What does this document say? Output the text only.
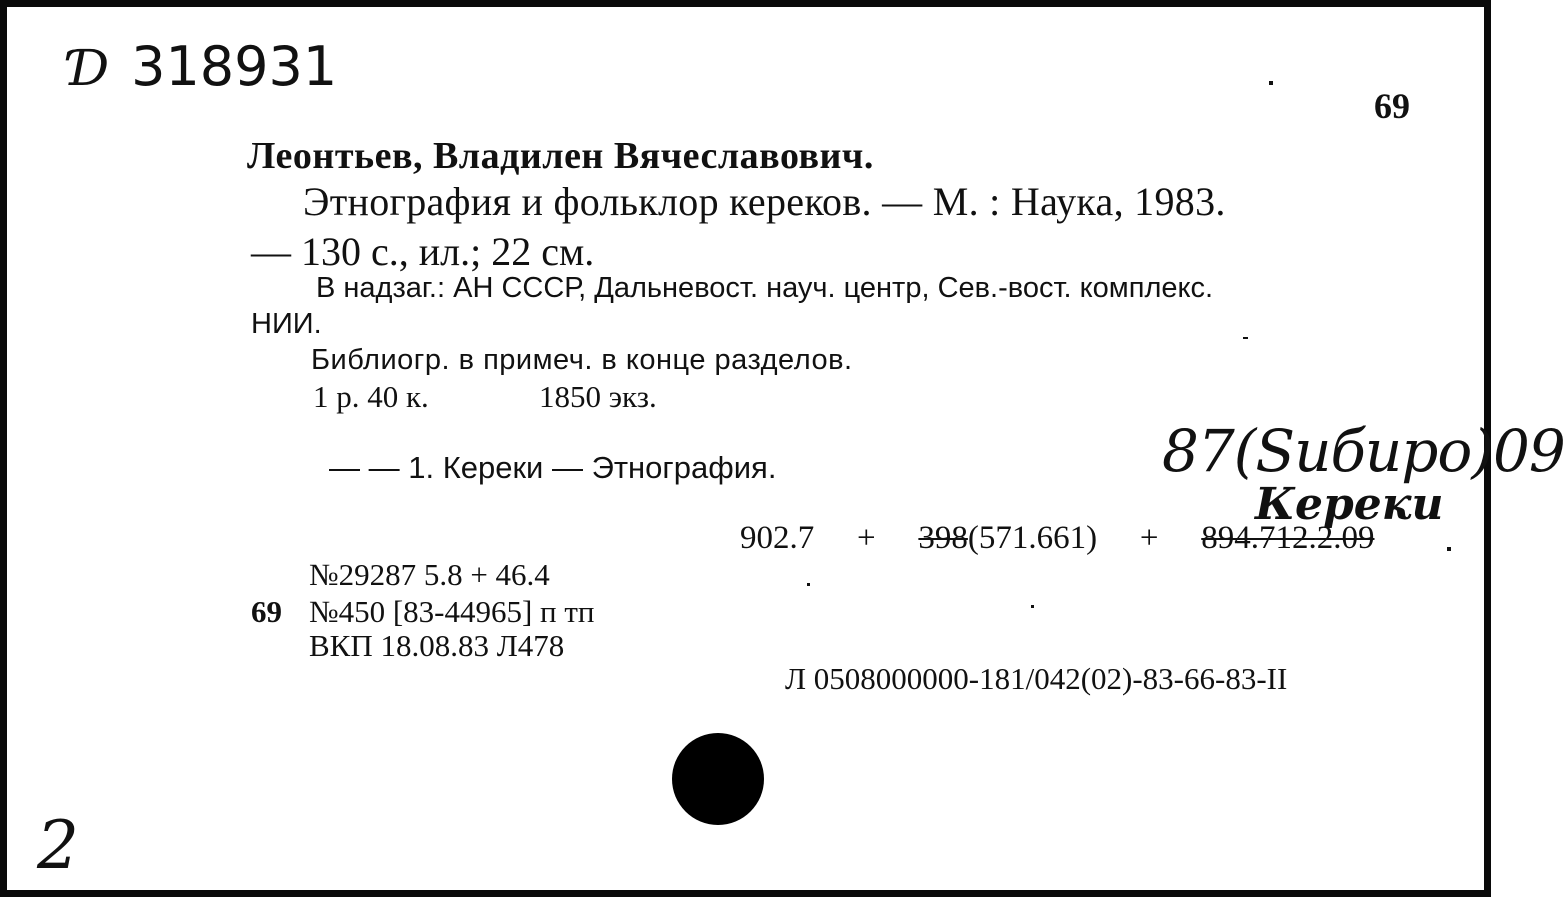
Ɗ 318931
69
Леонтьев, Владилен Вячеславович.
Этнография и фольклор кереков. — М. : Наука, 1983.
— 130 с., ил.; 22 см.
В надзаг.: АН СССР, Дальневост. науч. центр, Сев.-вост. комплекс.
НИИ.
Библиогр. в примеч. в конце разделов.
1 р. 40 к.	1850 экз.
— — 1. Кереки — Этнография.	87(Sибиро)09
Кереки
902.7 + 398(571.661) + 894.712.2.09
№29287 5.8 + 46.4
69 №450 [83-44965] п тп
ВКП 18.08.83 Л478
Л 0508000000-181/042(02)-83-66-83-II
2
